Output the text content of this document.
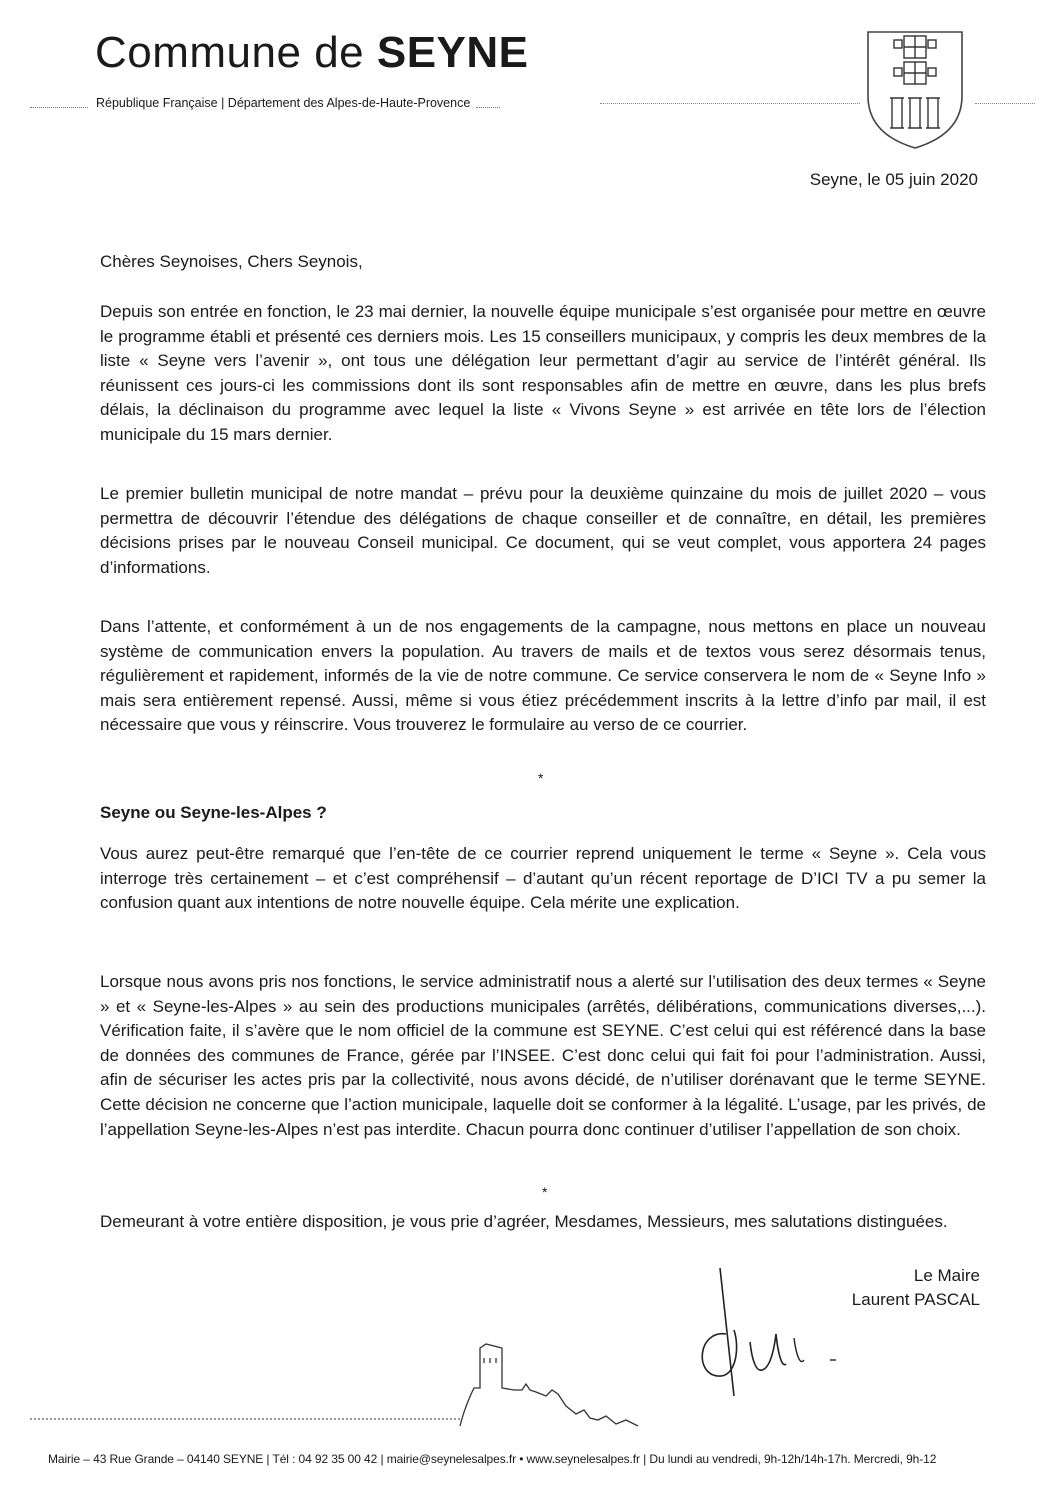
Commune de SEYNE
République Française | Département des Alpes-de-Haute-Provence
Seyne, le 05 juin 2020

Chères Seynoises, Chers Seynois,

Depuis son entrée en fonction, le 23 mai dernier, la nouvelle équipe municipale s’est organisée pour mettre en œuvre le programme établi et présenté ces derniers mois. Les 15 conseillers municipaux, y compris les deux membres de la liste « Seyne vers l’avenir », ont tous une délégation leur permettant d’agir au service de l’intérêt général. Ils réunissent ces jours-ci les commissions dont ils sont responsables afin de mettre en œuvre, dans les plus brefs délais, la déclinaison du programme avec lequel la liste « Vivons Seyne » est arrivée en tête lors de l’élection municipale du 15 mars dernier.

Le premier bulletin municipal de notre mandat – prévu pour la deuxième quinzaine du mois de juillet 2020 – vous permettra de découvrir l’étendue des délégations de chaque conseiller et de connaître, en détail, les premières décisions prises par le nouveau Conseil municipal. Ce document, qui se veut complet, vous apportera 24 pages d’informations.

Dans l’attente, et conformément à un de nos engagements de la campagne, nous mettons en place un nouveau système de communication envers la population. Au travers de mails et de textos vous serez désormais tenus, régulièrement et rapidement, informés de la vie de notre commune. Ce service conservera le nom de « Seyne Info » mais sera entièrement repensé. Aussi, même si vous étiez précédemment inscrits à la lettre d’info par mail, il est nécessaire que vous y réinscrire. Vous trouverez le formulaire au verso de ce courrier.

*
Seyne ou Seyne-les-Alpes ?

Vous aurez peut-être remarqué que l’en-tête de ce courrier reprend uniquement le terme « Seyne ». Cela vous interroge très certainement – et c’est compréhensif – d’autant qu’un récent reportage de D’ICI TV a pu semer la confusion quant aux intentions de notre nouvelle équipe. Cela mérite une explication.

Lorsque nous avons pris nos fonctions, le service administratif nous a alerté sur l’utilisation des deux termes « Seyne » et « Seyne-les-Alpes » au sein des productions municipales (arrêtés, délibérations, communications diverses,...). Vérification faite, il s’avère que le nom officiel de la commune est SEYNE. C’est celui qui est référencé dans la base de données des communes de France, gérée par l’INSEE. C’est donc celui qui fait foi pour l’administration. Aussi, afin de sécuriser les actes pris par la collectivité, nous avons décidé, de n’utiliser dorénavant que le terme SEYNE. Cette décision ne concerne que l’action municipale, laquelle doit se conformer à la légalité. L’usage, par les privés, de l’appellation Seyne-les-Alpes n’est pas interdite. Chacun pourra donc continuer d’utiliser l’appellation de son choix.

*

Demeurant à votre entière disposition, je vous prie d’agréer, Mesdames, Messieurs, mes salutations distinguées.

Le Maire
Laurent PASCAL
Mairie – 43 Rue Grande – 04140 SEYNE | Tél : 04 92 35 00 42 | mairie@seynelesalpes.fr • www.seynelesalpes.fr | Du lundi au vendredi, 9h-12h/14h-17h. Mercredi, 9h-12
